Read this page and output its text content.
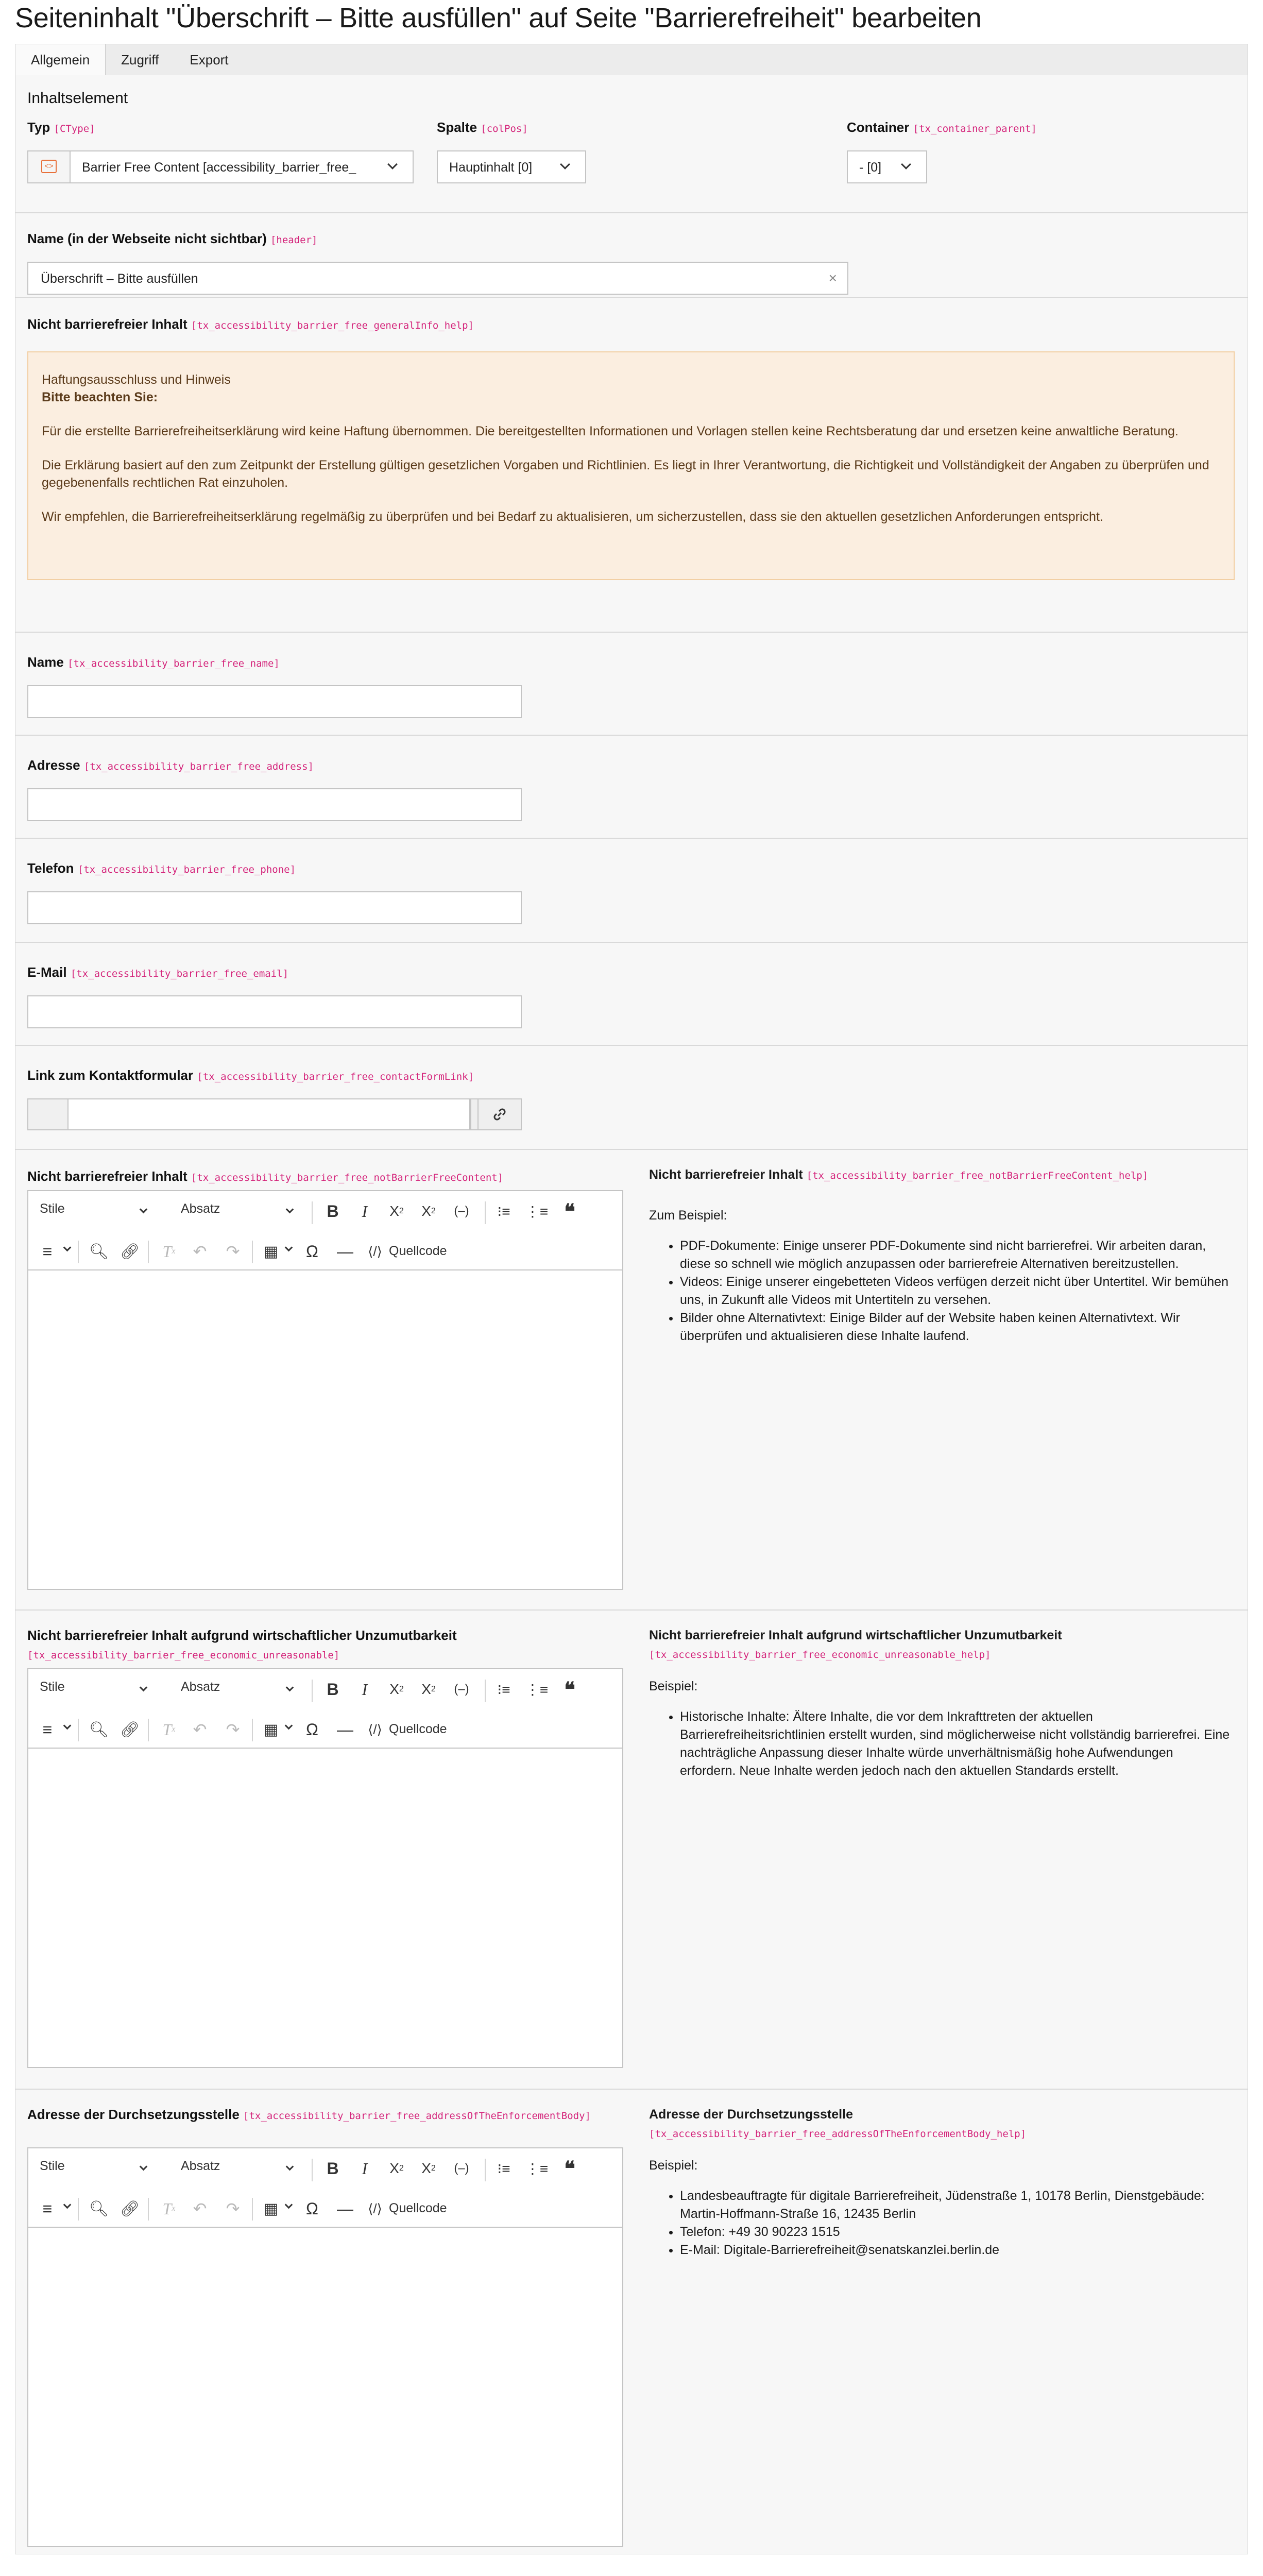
Seiteninhalt "Überschrift – Bitte ausfüllen" auf Seite "Barrierefreiheit" bearbeiten
Allgemein	Zugriff	Export
Inhaltselement
Typ [CType]
<> Barrier Free Content [accessibility_barrier_free_
Spalte [colPos]
Hauptinhalt [0]
Container [tx_container_parent]
- [0]
Name (in der Webseite nicht sichtbar) [header]
Überschrift – Bitte ausfüllen	×
Nicht barrierefreier Inhalt [tx_accessibility_barrier_free_generalInfo_help]
Haftungsausschluss und Hinweis
Bitte beachten Sie:

Für die erstellte Barrierefreiheitserklärung wird keine Haftung übernommen. Die bereitgestellten Informationen und Vorlagen stellen keine Rechtsberatung dar und ersetzen keine anwaltliche Beratung.

Die Erklärung basiert auf den zum Zeitpunkt der Erstellung gültigen gesetzlichen Vorgaben und Richtlinien. Es liegt in Ihrer Verantwortung, die Richtigkeit und Vollständigkeit der Angaben zu überprüfen und gegebenenfalls rechtlichen Rat einzuholen.

Wir empfehlen, die Barrierefreiheitserklärung regelmäßig zu überprüfen und bei Bedarf zu aktualisieren, um sicherzustellen, dass sie den aktuellen gesetzlichen Anforderungen entspricht.

Name [tx_accessibility_barrier_free_name]
Adresse [tx_accessibility_barrier_free_address]
Telefon [tx_accessibility_barrier_free_phone]
E-Mail [tx_accessibility_barrier_free_email]
Link zum Kontaktformular [tx_accessibility_barrier_free_contactFormLink]
Nicht barrierefreier Inhalt [tx_accessibility_barrier_free_notBarrierFreeContent]
Stile	Absatz	B	I	X 2	X 2	(–)	⁝≡	⋮≡ ❝
≡	🔍︎ 🔗︎	T x ↶ ↷	▦	Ω	—	⟨/⟩ Quellcode
Nicht barrierefreier Inhalt [tx_accessibility_barrier_free_notBarrierFreeContent_help]
Zum Beispiel:
• PDF-Dokumente: Einige unserer PDF-Dokumente sind nicht barrierefrei. Wir arbeiten daran, diese so schnell wie möglich anzupassen oder barrierefreie Alternativen bereitzustellen.
• Videos: Einige unserer eingebetteten Videos verfügen derzeit nicht über Untertitel. Wir bemühen uns, in Zukunft alle Videos mit Untertiteln zu versehen.
• Bilder ohne Alternativtext: Einige Bilder auf der Website haben keinen Alternativtext. Wir überprüfen und aktualisieren diese Inhalte laufend.
Nicht barrierefreier Inhalt aufgrund wirtschaftlicher Unzumutbarkeit [tx_accessibility_barrier_free_economic_unreasonable]
Stile	Absatz	B	I	X 2	X 2	(–)	⁝≡	⋮≡ ❝
≡	🔍︎ 🔗︎	T x ↶ ↷	▦	Ω	—	⟨/⟩ Quellcode
Nicht barrierefreier Inhalt aufgrund wirtschaftlicher Unzumutbarkeit [tx_accessibility_barrier_free_economic_unreasonable_help]
Beispiel:
• Historische Inhalte: Ältere Inhalte, die vor dem Inkrafttreten der aktuellen Barrierefreiheitsrichtlinien erstellt wurden, sind möglicherweise nicht vollständig barrierefrei. Eine nachträgliche Anpassung dieser Inhalte würde unverhältnismäßig hohe Aufwendungen erfordern. Neue Inhalte werden jedoch nach den aktuellen Standards erstellt.
Adresse der Durchsetzungsstelle [tx_accessibility_barrier_free_addressOfTheEnforcementBody]
Stile	Absatz	B	I	X 2	X 2	(–)	⁝≡	⋮≡ ❝
≡	🔍︎ 🔗︎	T x ↶ ↷	▦	Ω	—	⟨/⟩ Quellcode
Adresse der Durchsetzungsstelle [tx_accessibility_barrier_free_addressOfTheEnforcementBody_help]
Beispiel:
• Landesbeauftragte für digitale Barrierefreiheit, Jüdenstraße 1, 10178 Berlin, Dienstgebäude: Martin-Hoffmann-Straße 16, 12435 Berlin
• Telefon: +49 30 90223 1515
• E-Mail: Digitale-Barrierefreiheit@senatskanzlei.berlin.de
